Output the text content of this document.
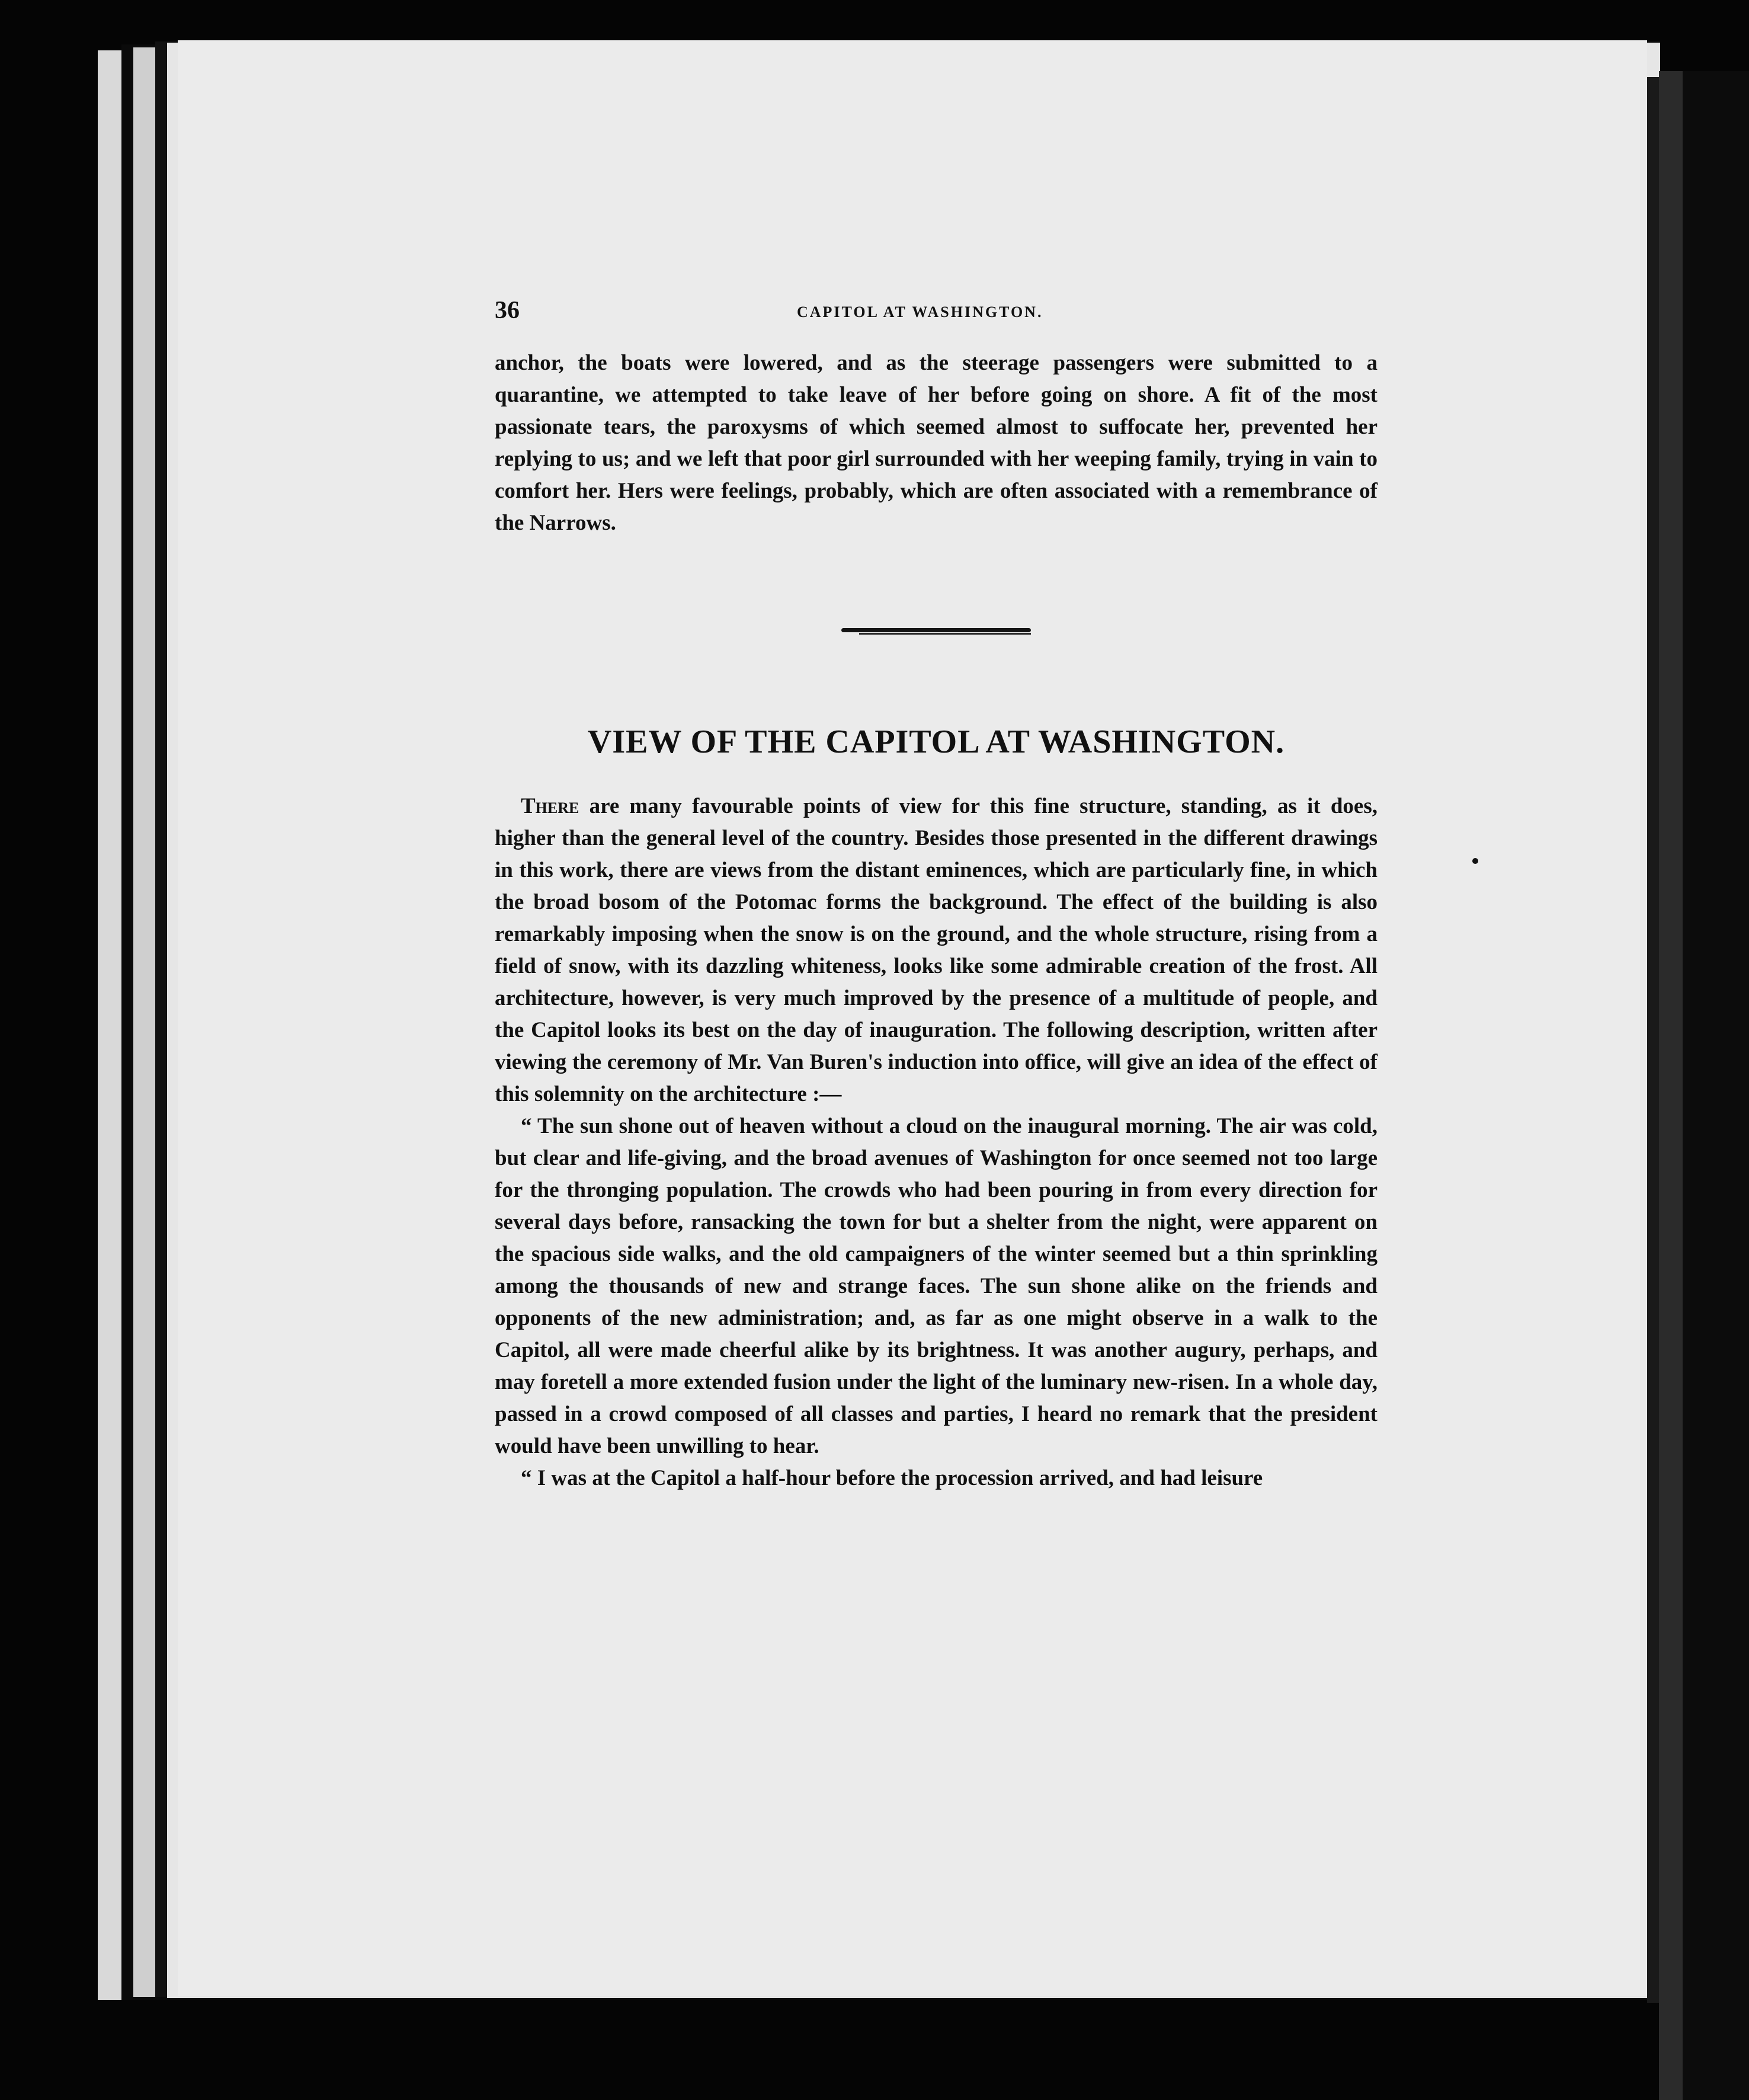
36	CAPITOL AT WASHINGTON.

anchor, the boats were lowered, and as the steerage passengers were submitted to a quarantine, we attempted to take leave of her before going on shore. A fit of the most passionate tears, the paroxysms of which seemed almost to suffocate her, prevented her replying to us; and we left that poor girl surrounded with her weeping family, trying in vain to comfort her. Hers were feelings, probably, which are often associated with a remembrance of the Narrows.

VIEW OF THE CAPITOL AT WASHINGTON.

There are many favourable points of view for this fine structure, standing, as it does, higher than the general level of the country. Besides those presented in the different drawings in this work, there are views from the distant eminences, which are particularly fine, in which the broad bosom of the Potomac forms the background. The effect of the building is also remarkably imposing when the snow is on the ground, and the whole structure, rising from a field of snow, with its dazzling whiteness, looks like some admirable creation of the frost. All architecture, however, is very much improved by the presence of a multitude of people, and the Capitol looks its best on the day of inauguration. The following description, written after viewing the ceremony of Mr. Van Buren's induction into office, will give an idea of the effect of this solemnity on the architecture :—

“ The sun shone out of heaven without a cloud on the inaugural morning. The air was cold, but clear and life-giving, and the broad avenues of Washington for once seemed not too large for the thronging population. The crowds who had been pouring in from every direction for several days before, ransacking the town for but a shelter from the night, were apparent on the spacious side walks, and the old campaigners of the winter seemed but a thin sprinkling among the thousands of new and strange faces. The sun shone alike on the friends and opponents of the new administration; and, as far as one might observe in a walk to the Capitol, all were made cheerful alike by its brightness. It was another augury, perhaps, and may foretell a more extended fusion under the light of the luminary new-risen. In a whole day, passed in a crowd composed of all classes and parties, I heard no remark that the president would have been unwilling to hear.

“ I was at the Capitol a half-hour before the procession arrived, and had leisure
